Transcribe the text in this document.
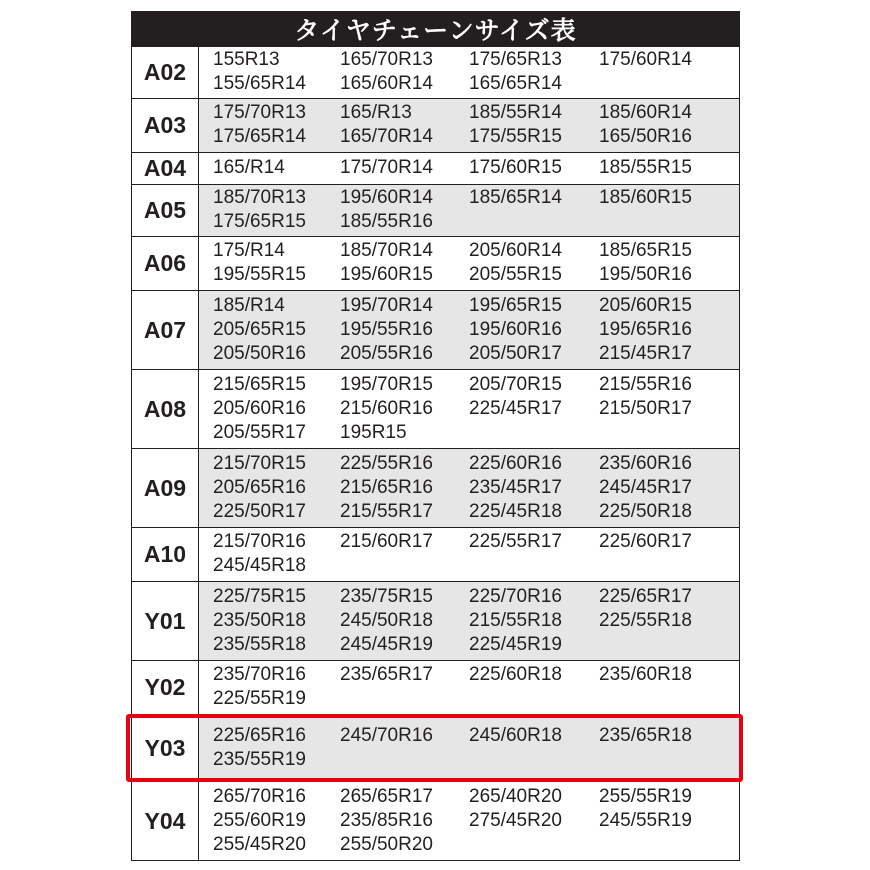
タイヤチェーンサイズ表
A02	155R13	165/70R13	175/65R13	175/60R14
155/65R14	165/60R14	165/65R14
A03	175/70R13	165/R13	185/55R14	185/60R14
175/65R14	165/70R14	175/55R15	165/50R16
A04	165/R14	175/70R14	175/60R15	185/55R15
A05	185/70R13	195/60R14	185/65R14	185/60R15
175/65R15	185/55R16
A06	175/R14	185/70R14	205/60R14	185/65R15
195/55R15	195/60R15	205/55R15	195/50R16
A07
185/R14	195/70R14	195/65R15	205/60R15
205/65R15	195/55R16	195/60R16	195/65R16
205/50R16	205/55R16	205/50R17	215/45R17
A08
215/65R15	195/70R15	205/70R15	215/55R16
205/60R16	215/60R16	225/45R17	215/50R17
205/55R17	195R15
A09
215/70R15	225/55R16	225/60R16	235/60R16
205/65R16	215/65R16	235/45R17	245/45R17
225/50R17	215/55R17	225/45R18	225/50R18
A10	215/70R16	215/60R17	225/55R17	225/60R17
245/45R18
Y01
225/75R15	235/75R15	225/70R16	225/65R17
235/50R18	245/50R18	215/55R18	225/55R18
235/55R18	245/45R19	225/45R19
Y02	235/70R16	235/65R17	225/60R18	235/60R18
225/55R19
Y03	225/65R16	245/70R16	245/60R18	235/65R18
235/55R19
Y04
265/70R16	265/65R17	265/40R20	255/55R19
255/60R19	235/85R16	275/45R20	245/55R19
255/45R20	255/50R20
